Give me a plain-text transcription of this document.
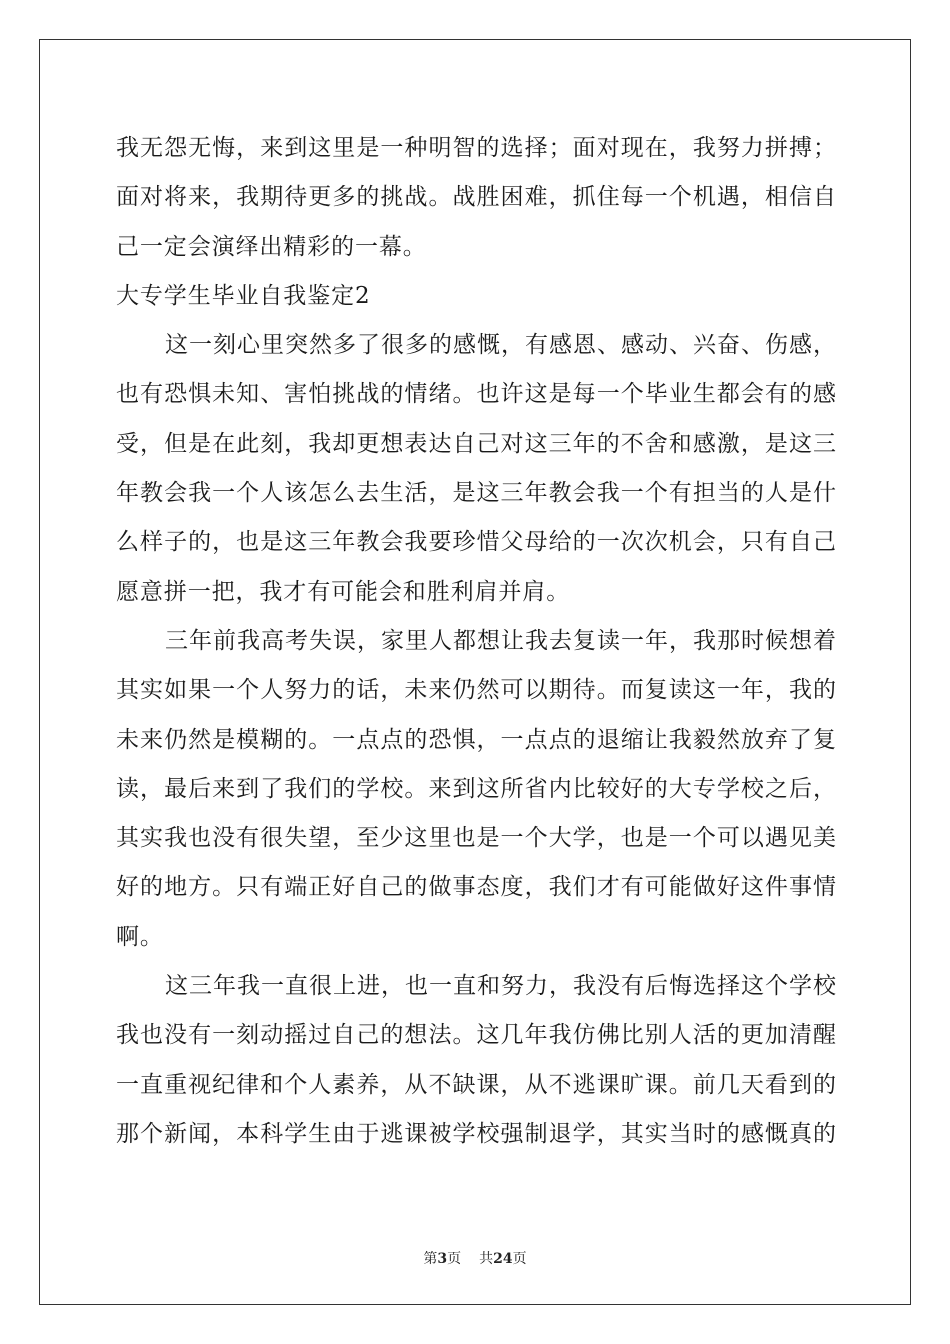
我无怨无悔，来到这里是一种明智的选择；面对现在，我努力拼搏；
面对将来，我期待更多的挑战。战胜困难，抓住每一个机遇，相信自
己一定会演绎出精彩的一幕。
大专学生毕业自我鉴定2
这一刻心里突然多了很多的感慨，有感恩、感动、兴奋、伤感，
也有恐惧未知、害怕挑战的情绪。也许这是每一个毕业生都会有的感
受，但是在此刻，我却更想表达自己对这三年的不舍和感激，是这三
年教会我一个人该怎么去生活，是这三年教会我一个有担当的人是什
么样子的，也是这三年教会我要珍惜父母给的一次次机会，只有自己
愿意拼一把，我才有可能会和胜利肩并肩。
三年前我高考失误，家里人都想让我去复读一年，我那时候想着
其实如果一个人努力的话，未来仍然可以期待。而复读这一年，我的
未来仍然是模糊的。一点点的恐惧，一点点的退缩让我毅然放弃了复
读，最后来到了我们的学校。来到这所省内比较好的大专学校之后，
其实我也没有很失望，至少这里也是一个大学，也是一个可以遇见美
好的地方。只有端正好自己的做事态度，我们才有可能做好这件事情
啊。
这三年我一直很上进，也一直和努力，我没有后悔选择这个学校
我也没有一刻动摇过自己的想法。这几年我仿佛比别人活的更加清醒
一直重视纪律和个人素养，从不缺课，从不逃课旷课。前几天看到的
那个新闻，本科学生由于逃课被学校强制退学，其实当时的感慨真的
第3页 共24页
